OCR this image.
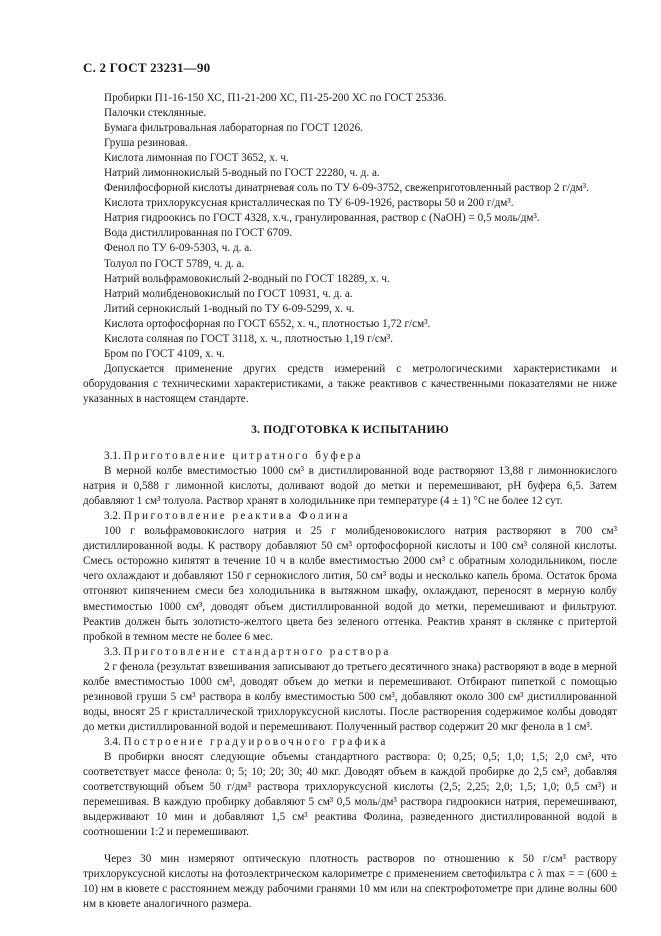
С. 2 ГОСТ 23231—90

Пробирки П1-16-150 ХС, П1-21-200 ХС, П1-25-200 ХС по ГОСТ 25336.

Палочки стеклянные.

Бумага фильтровальная лабораторная по ГОСТ 12026.

Груша резиновая.

Кислота лимонная по ГОСТ 3652, х. ч.

Натрий лимоннокислый 5-водный по ГОСТ 22280, ч. д. а.

Фенилфосфорной кислоты динатриевая соль по ТУ 6-09-3752, свежеприготовленный раствор 2 г/дм³.

Кислота трихлоруксусная кристаллическая по ТУ 6-09-1926, растворы 50 и 200 г/дм³.

Натрия гидроокись по ГОСТ 4328, х.ч., гранулированная, раствор с (NaOH) = 0,5 моль/дм³.

Вода дистиллированная по ГОСТ 6709.

Фенол по ТУ 6-09-5303, ч. д. а.

Толуол по ГОСТ 5789, ч. д. а.

Натрий вольфрамовокислый 2-водный по ГОСТ 18289, х. ч.

Натрий молибденовокислый по ГОСТ 10931, ч. д. а.

Литий сернокислый 1-водный по ТУ 6-09-5299, х. ч.

Кислота ортофосфорная по ГОСТ 6552, х. ч., плотностью 1,72 г/см³.

Кислота соляная по ГОСТ 3118, х. ч., плотностью 1,19 г/см³.

Бром по ГОСТ 4109, х. ч.

Допускается применение других средств измерений с метрологическими характеристиками и оборудования с техническими характеристиками, а также реактивов с качественными показателями не ниже указанных в настоящем стандарте.

3. ПОДГОТОВКА К ИСПЫТАНИЮ

3.1. Приготовление цитратного буфера

В мерной колбе вместимостью 1000 см³ в дистиллированной воде растворяют 13,88 г лимоннокислого натрия и 0,588 г лимонной кислоты, доливают водой до метки и перемешивают, рН буфера 6,5. Затем добавляют 1 см³ толуола. Раствор хранят в холодильнике при температуре (4 ± 1) °С не более 12 сут.

3.2. Приготовление реактива Фолина

100 г вольфрамовокислого натрия и 25 г молибденовокислого натрия растворяют в 700 см³ дистиллированной воды. К раствору добавляют 50 см³ ортофосфорной кислоты и 100 см³ соляной кислоты. Смесь осторожно кипятят в течение 10 ч в колбе вместимостью 2000 см³ с обратным холодильником, после чего охлаждают и добавляют 150 г сернокислого лития, 50 см³ воды и несколько капель брома. Остаток брома отгоняют кипячением смеси без холодильника в вытяжном шкафу, охлаждают, переносят в мерную колбу вместимостью 1000 см³, доводят объем дистиллированной водой до метки, перемешивают и фильтруют. Реактив должен быть золотисто-желтого цвета без зеленого оттенка. Реактив хранят в склянке с притертой пробкой в темном месте не более 6 мес.

3.3. Приготовление стандартного раствора

2 г фенола (результат взвешивания записывают до третьего десятичного знака) растворяют в воде в мерной колбе вместимостью 1000 см³, доводят объем до метки и перемешивают. Отбирают пипеткой с помощью резиновой груши 5 см³ раствора в колбу вместимостью 500 см³, добавляют около 300 см³ дистиллированной воды, вносят 25 г кристаллической трихлоруксусной кислоты. После растворения содержимое колбы доводят до метки дистиллированной водой и перемешивают. Полученный раствор содержит 20 мкг фенола в 1 см³.

3.4. Построение градуировочного графика

В пробирки вносят следующие объемы стандартного раствора: 0; 0,25; 0,5; 1,0; 1,5; 2,0 см³, что соответствует массе фенола: 0; 5; 10; 20; 30; 40 мкг. Доводят объем в каждой пробирке до 2,5 см³, добавляя соответствующий объем 50 г/дм³ раствора трихлоруксусной кислоты (2,5; 2,25; 2,0; 1,5; 1,0; 0,5 см³) и перемешивая. В каждую пробирку добавляют 5 см³ 0,5 моль/дм³ раствора гидроокиси натрия, перемешивают, выдерживают 10 мин и добавляют 1,5 см³ реактива Фолина, разведенного дистиллированной водой в соотношении 1:2 и перемешивают.

Через 30 мин измеряют оптическую плотность растворов по отношению к 50 г/см³ раствору трихлоруксусной кислоты на фотоэлектрическом калориметре с применением светофильтра с λ max = = (600 ± 10) нм в кювете с расстоянием между рабочими гранями 10 мм или на спектрофотометре при длине волны 600 нм в кювете аналогичного размера.
